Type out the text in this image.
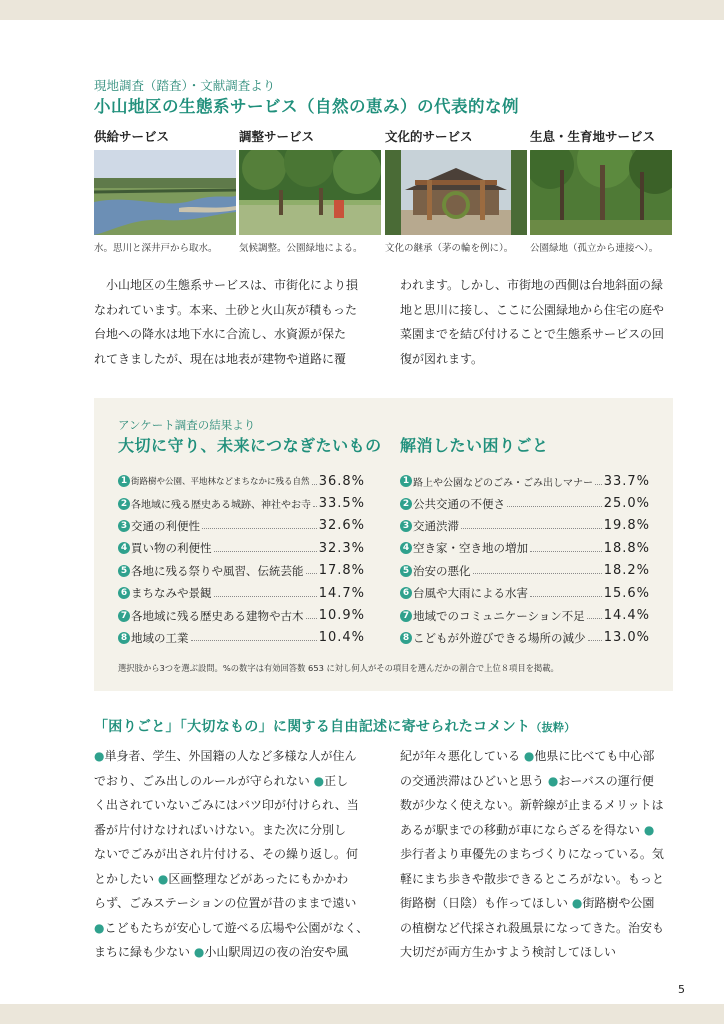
現地調査（踏査）・文献調査より
小山地区の生態系サービス（自然の恵み）の代表的な例
供給サービス	調整サービス	文化的サービス	生息・生育地サービス
水。思川と深井戸から取水。 気候調整。公園緑地による。 文化の継承（茅の輪を例に）。 公園緑地（孤立から連接へ）。

小山地区の生態系サービスは、市街化により損

なわれています。本来、土砂と火山灰が積もった

台地への降水は地下水に合流し、水資源が保た

れてきましたが、現在は地表が建物や道路に覆

われます。しかし、市街地の西側は台地斜面の緑

地と思川に接し、ここに公園緑地から住宅の庭や

菜園までを結び付けることで生態系サービスの回

復が図れます。

アンケート調査の結果より
大切に守り、未来につなぎたいもの 解消したい困りごと
1 街路樹や公園、平地林などまちなかに残る自然 36.8%
2 各地域に残る歴史ある城跡、神社やお寺 33.5%
3 交通の利便性	32.6%
4 買い物の利便性	32.3%
5 各地に残る祭りや風習、伝統芸能 17.8%
6 まちなみや景観	14.7%
7 各地域に残る歴史ある建物や古木 10.9%
8 地域の工業	10.4%
1 路上や公園などのごみ・ごみ出しマナー 33.7%
2 公共交通の不便さ	25.0%
3 交通渋滞	19.8%
4 空き家・空き地の増加	18.8%
5 治安の悪化	18.2%
6 台風や大雨による水害	15.6%
7 地域でのコミュニケーション不足 14.4%
8 こどもが外遊びできる場所の減少 13.0%
選択肢から3つを選ぶ設問。%の数字は有効回答数 653 に対し何人がその項目を選んだかの割合で上位８項目を掲載。
「困りごと」「大切なもの」に関する自由記述に寄せられたコメント（抜粋）

●単身者、学生、外国籍の人など多様な人が住ん

でおり、ごみ出しのルールが守られない ●正し

く出されていないごみにはバツ印が付けられ、当

番が片付けなければいけない。また次に分別し

ないでごみが出され片付ける、その繰り返し。何

とかしたい ●区画整理などがあったにもかかわ

らず、ごみステーションの位置が昔のままで遠い

●こどもたちが安心して遊べる広場や公園がなく、

まちに緑も少ない ●小山駅周辺の夜の治安や風

紀が年々悪化している ●他県に比べても中心部

の交通渋滞はひどいと思う ●おーバスの運行便

数が少なく使えない。新幹線が止まるメリットは

あるが駅までの移動が車にならざるを得ない ●

歩行者より車優先のまちづくりになっている。気

軽にまち歩きや散歩できるところがない。もっと

街路樹（日陰）も作ってほしい ●街路樹や公園

の植樹など代採され殺風景になってきた。治安も

大切だが両方生かすよう検討してほしい

5
